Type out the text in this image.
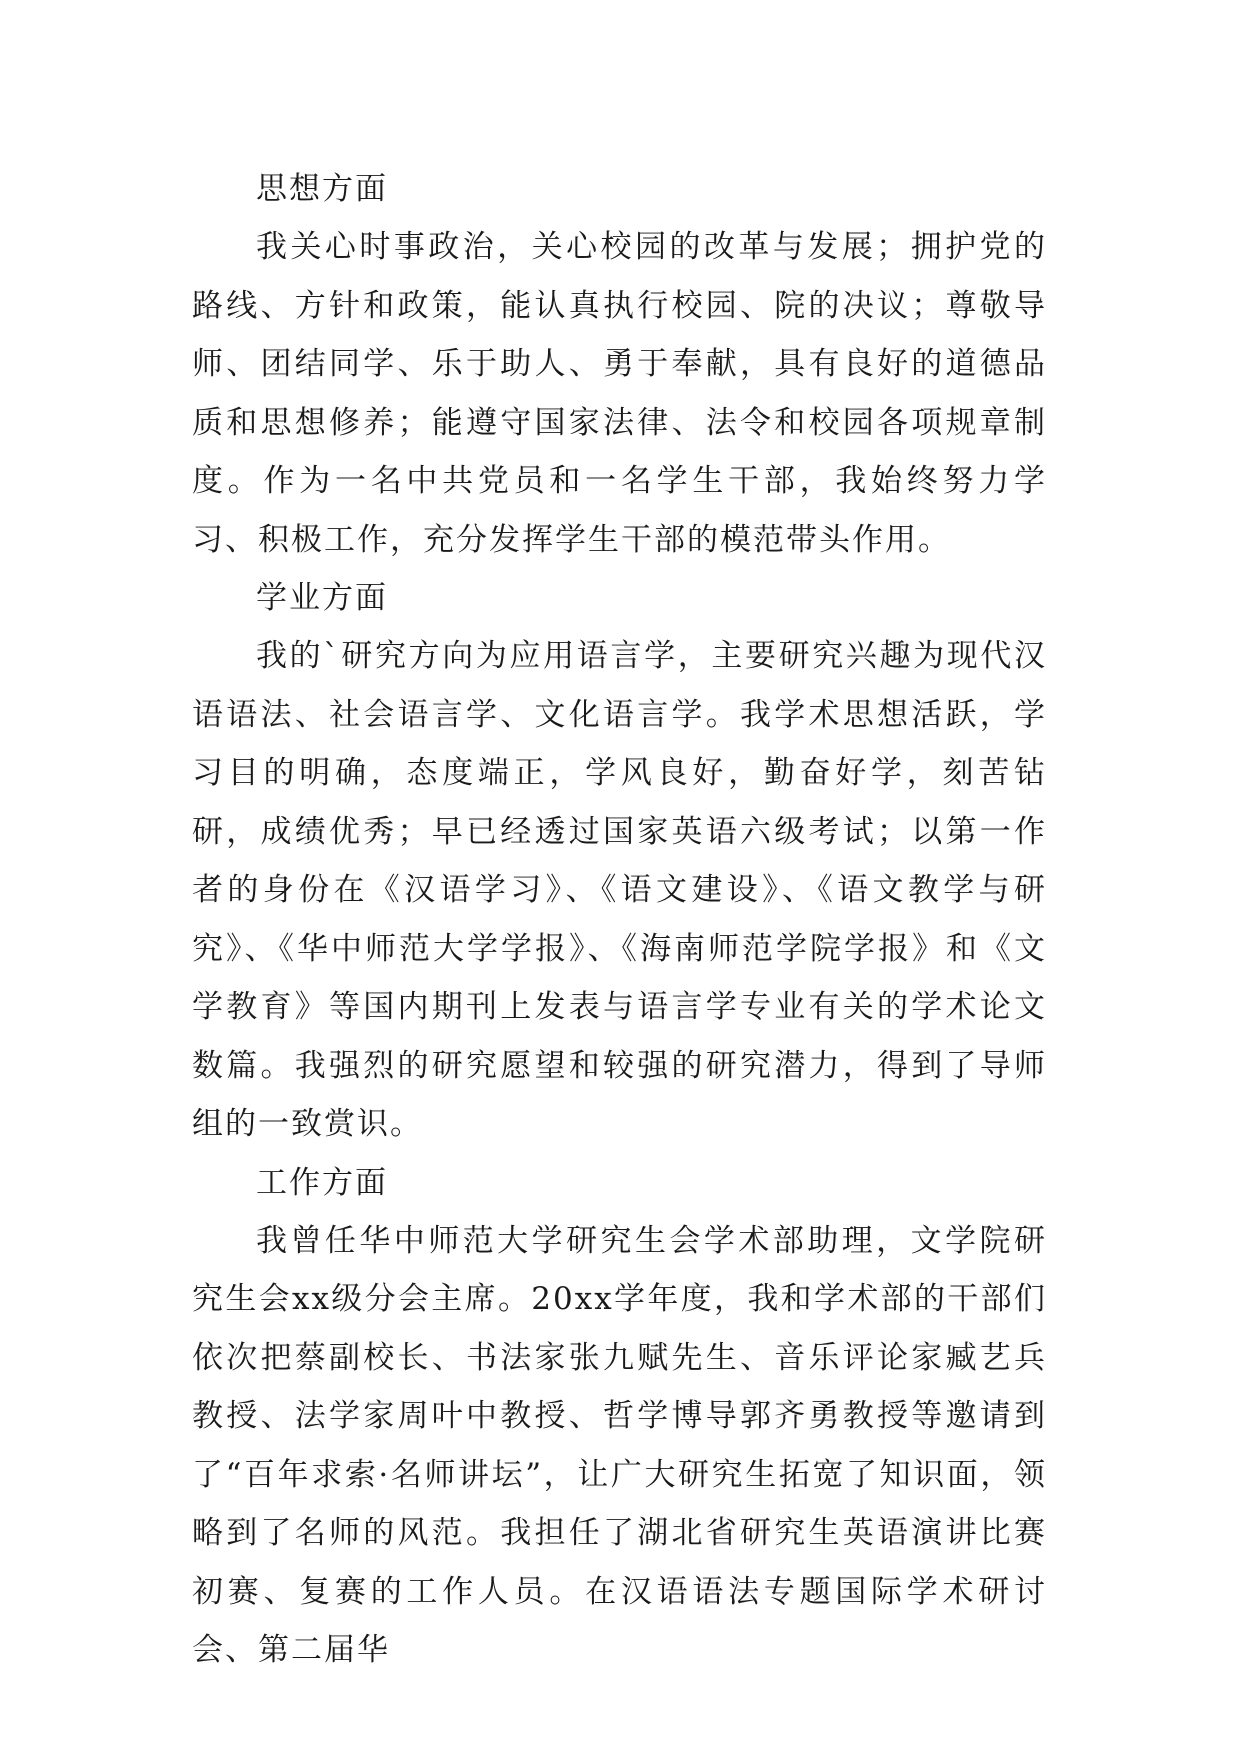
思想方面

我关心时事政治，关心校园的改革与发展；拥护党的路线、方针和政策，能认真执行校园、院的决议；尊敬导师、团结同学、乐于助人、勇于奉献，具有良好的道德品质和思想修养；能遵守国家法律、法令和校园各项规章制度。作为一名中共党员和一名学生干部，我始终努力学习、积极工作，充分发挥学生干部的模范带头作用。

学业方面

我的`研究方向为应用语言学，主要研究兴趣为现代汉语语法、社会语言学、文化语言学。我学术思想活跃，学习目的明确，态度端正，学风良好，勤奋好学，刻苦钻研，成绩优秀；早已经透过国家英语六级考试；以第一作者的身份在《汉语学习》、《语文建设》、《语文教学与研究》、《华中师范大学学报》、《海南师范学院学报》和《文学教育》等国内期刊上发表与语言学专业有关的学术论文数篇。我强烈的研究愿望和较强的研究潜力，得到了导师组的一致赏识。

工作方面

我曾任华中师范大学研究生会学术部助理，文学院研究生会xx级分会主席。20xx学年度，我和学术部的干部们依次把蔡副校长、书法家张九赋先生、音乐评论家臧艺兵教授、法学家周叶中教授、哲学博导郭齐勇教授等邀请到了“百年求索·名师讲坛”，让广大研究生拓宽了知识面，领略到了名师的风范。我担任了湖北省研究生英语演讲比赛初赛、复赛的工作人员。在汉语语法专题国际学术研讨会、第二届华
